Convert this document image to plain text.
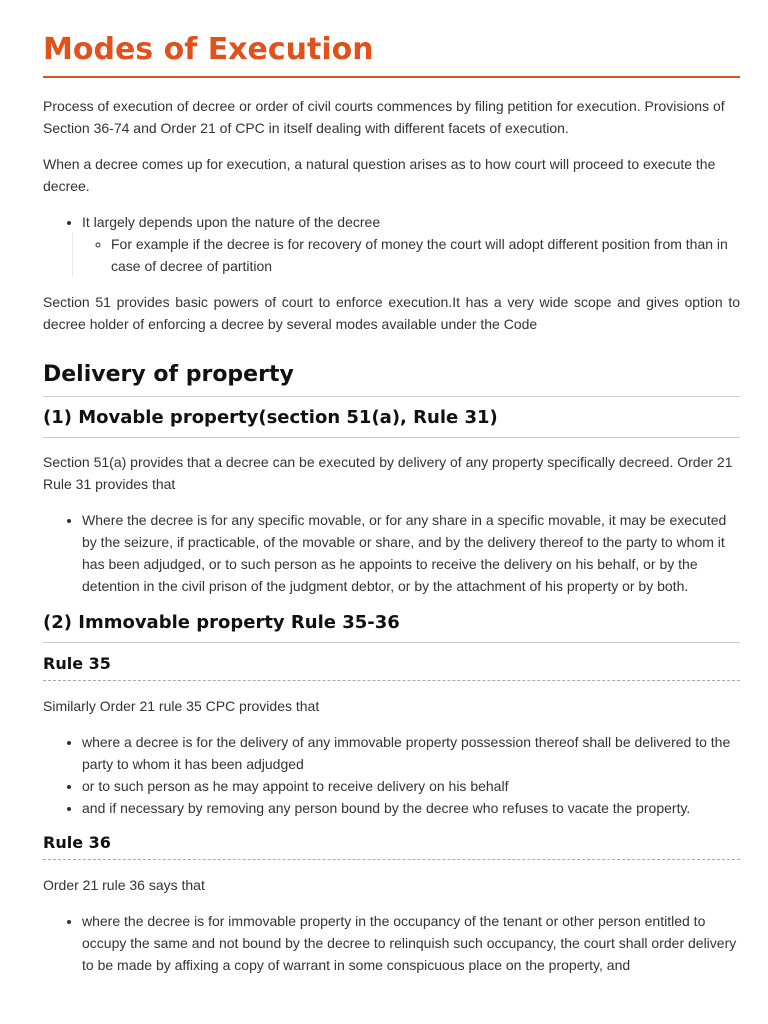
Modes of Execution

Process of execution of decree or order of civil courts commences by filing petition for execution. Provisions of Section 36-74 and Order 21 of CPC in itself dealing with different facets of execution.

When a decree comes up for execution, a natural question arises as to how court will proceed to execute the decree.

• It largely depends upon the nature of the decree
◦ For example if the decree is for recovery of money the court will adopt different position from than in case of decree of partition

Section 51 provides basic powers of court to enforce execution.It has a very wide scope and gives option to decree holder of enforcing a decree by several modes available under the Code

Delivery of property
(1) Movable property(section 51(a), Rule 31)

Section 51(a) provides that a decree can be executed by delivery of any property specifically decreed. Order 21 Rule 31 provides that

• Where the decree is for any specific movable, or for any share in a specific movable, it may be executed by the seizure, if practicable, of the movable or share, and by the delivery thereof to the party to whom it has been adjudged, or to such person as he appoints to receive the delivery on his behalf, or by the detention in the civil prison of the judgment debtor, or by the attachment of his property or by both.
(2) Immovable property Rule 35-36
Rule 35

Similarly Order 21 rule 35 CPC provides that

• where a decree is for the delivery of any immovable property possession thereof shall be delivered to the party to whom it has been adjudged
• or to such person as he may appoint to receive delivery on his behalf
• and if necessary by removing any person bound by the decree who refuses to vacate the property.
Rule 36

Order 21 rule 36 says that

• where the decree is for immovable property in the occupancy of the tenant or other person entitled to occupy the same and not bound by the decree to relinquish such occupancy, the court shall order delivery to be made by affixing a copy of warrant in some conspicuous place on the property, and
